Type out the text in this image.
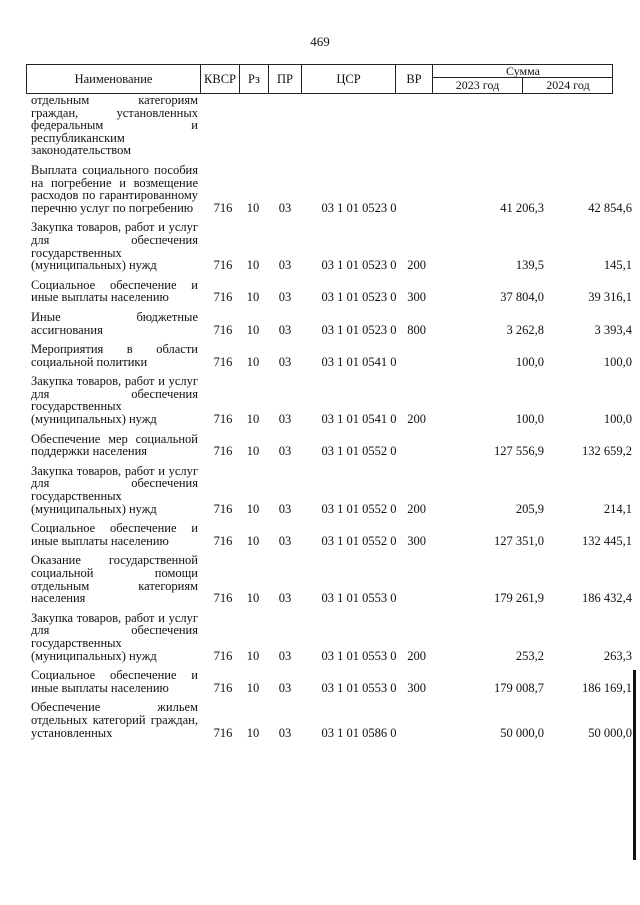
469
Наименование	КВСР Рз	ПР	ЦСР	ВР
Сумма
2023 год	2024 год
отдельным категориям граждан, установленных федеральным и республиканским законодательством
Выплата социального пособия на погребение и возмещение расходов по гарантированному перечню услуг по погребению	716	10	03	03 1 01 0523 0	41 206,3	42 854,6
Закупка товаров, работ и услуг для обеспечения государственных (муниципальных) нужд	716	10	03	03 1 01 0523 0 200	139,5	145,1
Социальное обеспечение и иные выплаты населению	716	10	03	03 1 01 0523 0 300	37 804,0	39 316,1
Иные бюджетные ассигнования	716	10	03	03 1 01 0523 0 800	3 262,8	3 393,4
Мероприятия в области социальной политики	716	10	03	03 1 01 0541 0	100,0	100,0
Закупка товаров, работ и услуг для обеспечения государственных (муниципальных) нужд	716	10	03	03 1 01 0541 0 200	100,0	100,0
Обеспечение мер социальной поддержки населения	716	10	03	03 1 01 0552 0	127 556,9	132 659,2
Закупка товаров, работ и услуг для обеспечения государственных (муниципальных) нужд	716	10	03	03 1 01 0552 0 200	205,9	214,1
Социальное обеспечение и иные выплаты населению	716	10	03	03 1 01 0552 0 300	127 351,0	132 445,1
Оказание государственной социальной помощи отдельным категориям населения	716	10	03	03 1 01 0553 0	179 261,9	186 432,4
Закупка товаров, работ и услуг для обеспечения государственных (муниципальных) нужд	716	10	03	03 1 01 0553 0 200	253,2	263,3
Социальное обеспечение и иные выплаты населению	716	10	03	03 1 01 0553 0 300	179 008,7	186 169,1
Обеспечение жильем отдельных категорий граждан, установленных	716	10	03	03 1 01 0586 0	50 000,0	50 000,0
